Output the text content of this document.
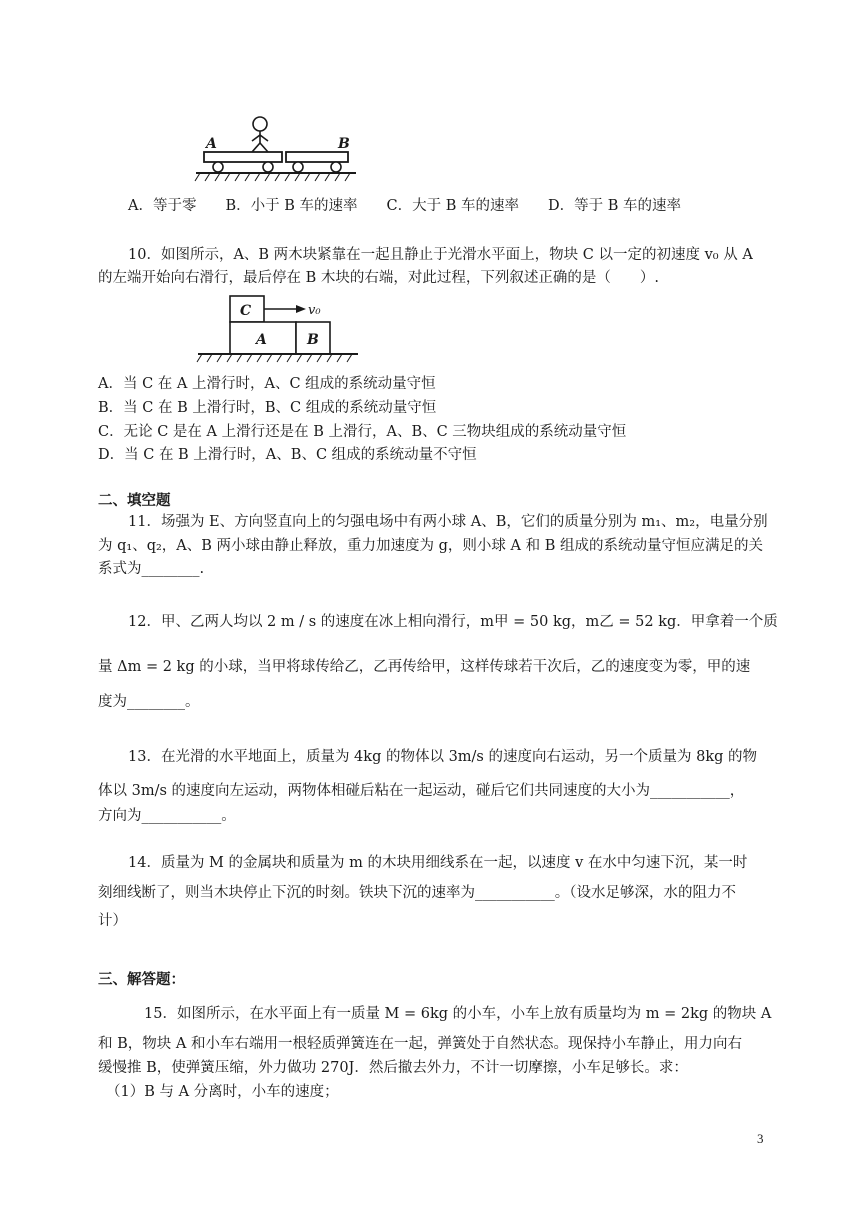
A	B
A．等于零　　B．小于 B 车的速率　　C．大于 B 车的速率　　D．等于 B 车的速率
10．如图所示，A、B 两木块紧靠在一起且静止于光滑水平面上，物块 C 以一定的初速度 v₀ 从 A
的左端开始向右滑行，最后停在 B 木块的右端，对此过程，下列叙述正确的是（　　）.
C	v₀
A	B
A．当 C 在 A 上滑行时，A、C 组成的系统动量守恒
B．当 C 在 B 上滑行时，B、C 组成的系统动量守恒
C．无论 C 是在 A 上滑行还是在 B 上滑行，A、B、C 三物块组成的系统动量守恒
D．当 C 在 B 上滑行时，A、B、C 组成的系统动量不守恒
二、填空题
11．场强为 E、方向竖直向上的匀强电场中有两小球 A、B，它们的质量分别为 m₁、m₂，电量分别
为 q₁、q₂，A、B 两小球由静止释放，重力加速度为 g，则小球 A 和 B 组成的系统动量守恒应满足的关
系式为________.
12．甲、乙两人均以 2 m / s 的速度在冰上相向滑行，m甲 = 50 kg，m乙 = 52 kg．甲拿着一个质
量 Δm = 2 kg 的小球，当甲将球传给乙，乙再传给甲，这样传球若干次后，乙的速度变为零，甲的速
度为________。
13．在光滑的水平地面上，质量为 4kg 的物体以 3m/s 的速度向右运动，另一个质量为 8kg 的物
体以 3m/s 的速度向左运动，两物体相碰后粘在一起运动，碰后它们共同速度的大小为___________，
方向为___________。
14．质量为 M 的金属块和质量为 m 的木块用细线系在一起，以速度 v 在水中匀速下沉，某一时
刻细线断了，则当木块停止下沉的时刻。铁块下沉的速率为___________。（设水足够深，水的阻力不
计）
三、解答题：
15．如图所示，在水平面上有一质量 M = 6kg 的小车，小车上放有质量均为 m = 2kg 的物块 A
和 B，物块 A 和小车右端用一根轻质弹簧连在一起，弹簧处于自然状态。现保持小车静止，用力向右
缓慢推 B，使弹簧压缩，外力做功 270J．然后撤去外力，不计一切摩擦，小车足够长。求：
（1）B 与 A 分离时，小车的速度；
3
